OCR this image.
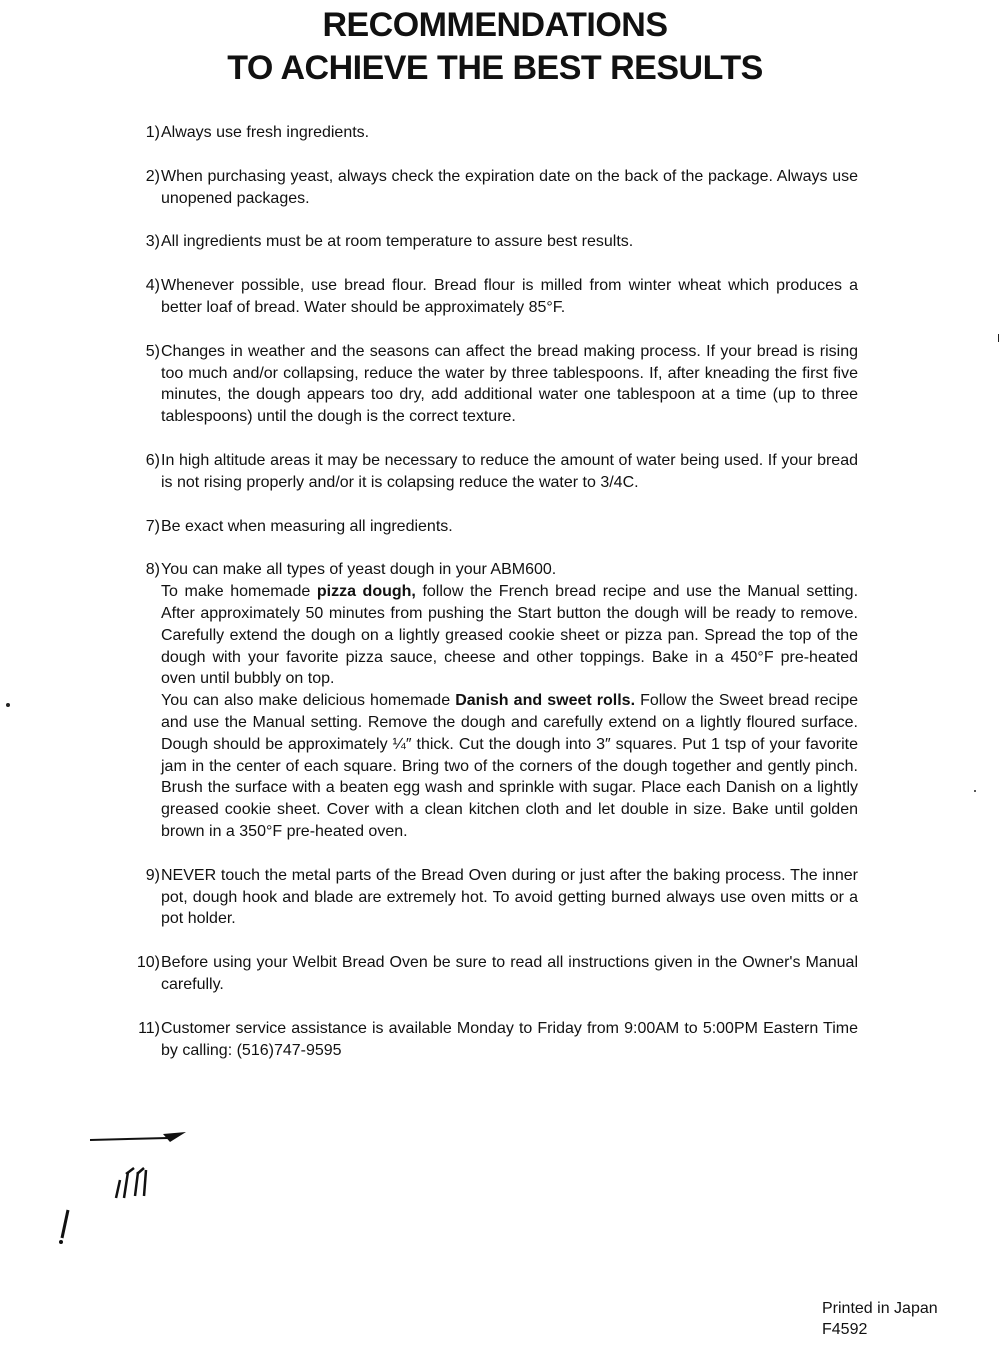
RECOMMENDATIONS
TO ACHIEVE THE BEST RESULTS
1) Always use fresh ingredients.
2) When purchasing yeast, always check the expiration date on the back of the package. Always use unopened packages.
3) All ingredients must be at room temperature to assure best results.
4) Whenever possible, use bread flour. Bread flour is milled from winter wheat which produces a better loaf of bread. Water should be approximately 85°F.
5) Changes in weather and the seasons can affect the bread making process. If your bread is rising too much and/or collapsing, reduce the water by three tablespoons. If, after kneading the first five minutes, the dough appears too dry, add additional water one tablespoon at a time (up to three tablespoons) until the dough is the correct texture.
6) In high altitude areas it may be necessary to reduce the amount of water being used. If your bread is not rising properly and/or it is colapsing reduce the water to 3/4C.
7) Be exact when measuring all ingredients.
8) You can make all types of yeast dough in your ABM600.

To make homemade pizza dough, follow the French bread recipe and use the Manual setting. After approximately 50 minutes from pushing the Start button the dough will be ready to remove. Carefully extend the dough on a lightly greased cookie sheet or pizza pan. Spread the top of the dough with your favorite pizza sauce, cheese and other toppings. Bake in a 450°F pre-heated oven until bubbly on top.

You can also make delicious homemade Danish and sweet rolls. Follow the Sweet bread recipe and use the Manual setting. Remove the dough and carefully extend on a lightly floured surface. Dough should be approximately ¼″ thick. Cut the dough into 3″ squares. Put 1 tsp of your favorite jam in the center of each square. Bring two of the corners of the dough together and gently pinch. Brush the surface with a beaten egg wash and sprinkle with sugar. Place each Danish on a lightly greased cookie sheet. Cover with a clean kitchen cloth and let double in size. Bake until golden brown in a 350°F pre-heated oven.

9) NEVER touch the metal parts of the Bread Oven during or just after the baking process. The inner pot, dough hook and blade are extremely hot. To avoid getting burned always use oven mitts or a pot holder.
10) Before using your Welbit Bread Oven be sure to read all instructions given in the Owner's Manual carefully.
11) Customer service assistance is available Monday to Friday from 9:00AM to 5:00PM Eastern Time by calling: (516)747-9595
Printed in Japan
F4592
